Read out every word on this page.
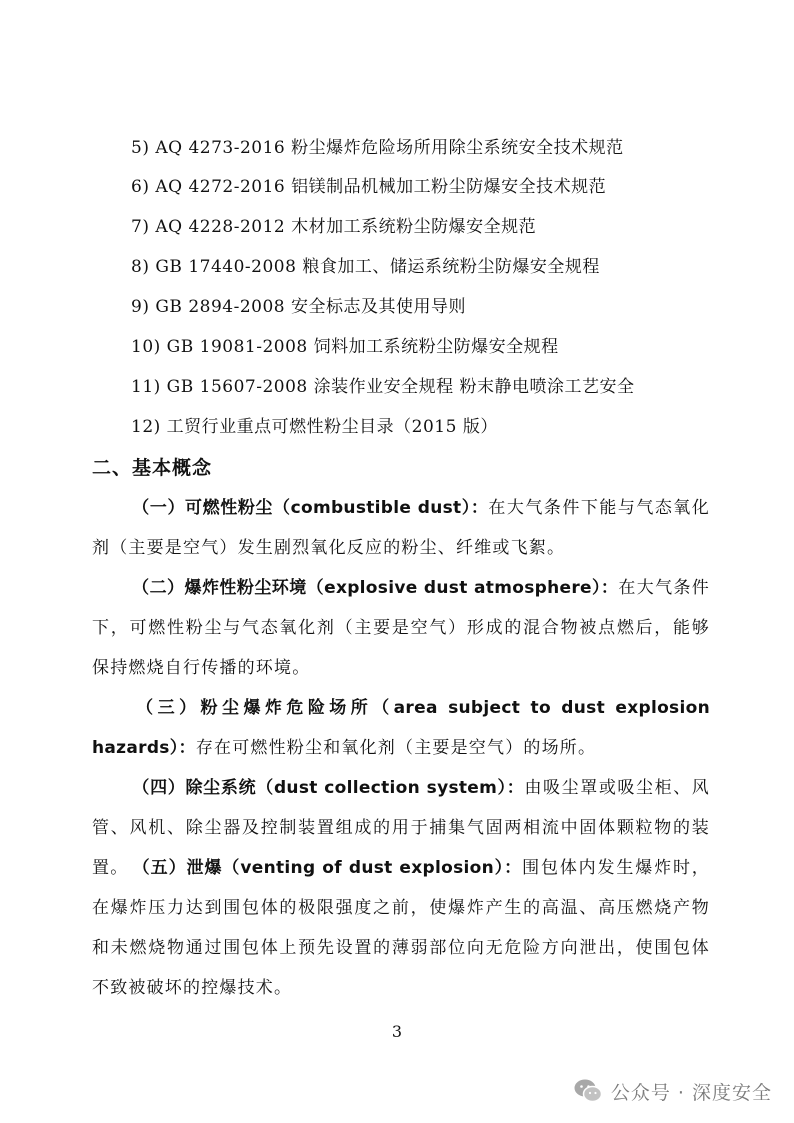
5) AQ 4273-2016 粉尘爆炸危险场所用除尘系统安全技术规范
6) AQ 4272-2016 铝镁制品机械加工粉尘防爆安全技术规范
7) AQ 4228-2012 木材加工系统粉尘防爆安全规范
8) GB 17440-2008 粮食加工、储运系统粉尘防爆安全规程
9) GB 2894-2008 安全标志及其使用导则
10) GB 19081-2008 饲料加工系统粉尘防爆安全规程
11) GB 15607-2008 涂装作业安全规程 粉末静电喷涂工艺安全
12) 工贸行业重点可燃性粉尘目录（2015 版）
二、基本概念
（一）可燃性粉尘（combustible dust）：在大气条件下能与气态氧化剂（主要是空气）发生剧烈氧化反应的粉尘、纤维或飞絮。
（二）爆炸性粉尘环境（explosive dust atmosphere）：在大气条件下，可燃性粉尘与气态氧化剂（主要是空气）形成的混合物被点燃后，能够保持燃烧自行传播的环境。
（三）粉尘爆炸危险场所（area subject to dust explosion hazards）：存在可燃性粉尘和氧化剂（主要是空气）的场所。
（四）除尘系统（dust collection system）：由吸尘罩或吸尘柜、风管、风机、除尘器及控制装置组成的用于捕集气固两相流中固体颗粒物的装置。 （五）泄爆（venting of dust explosion）：围包体内发生爆炸时，在爆炸压力达到围包体的极限强度之前，使爆炸产生的高温、高压燃烧产物和未燃烧物通过围包体上预先设置的薄弱部位向无危险方向泄出，使围包体不致被破坏的控爆技术。
3
公众号 · 深度安全
